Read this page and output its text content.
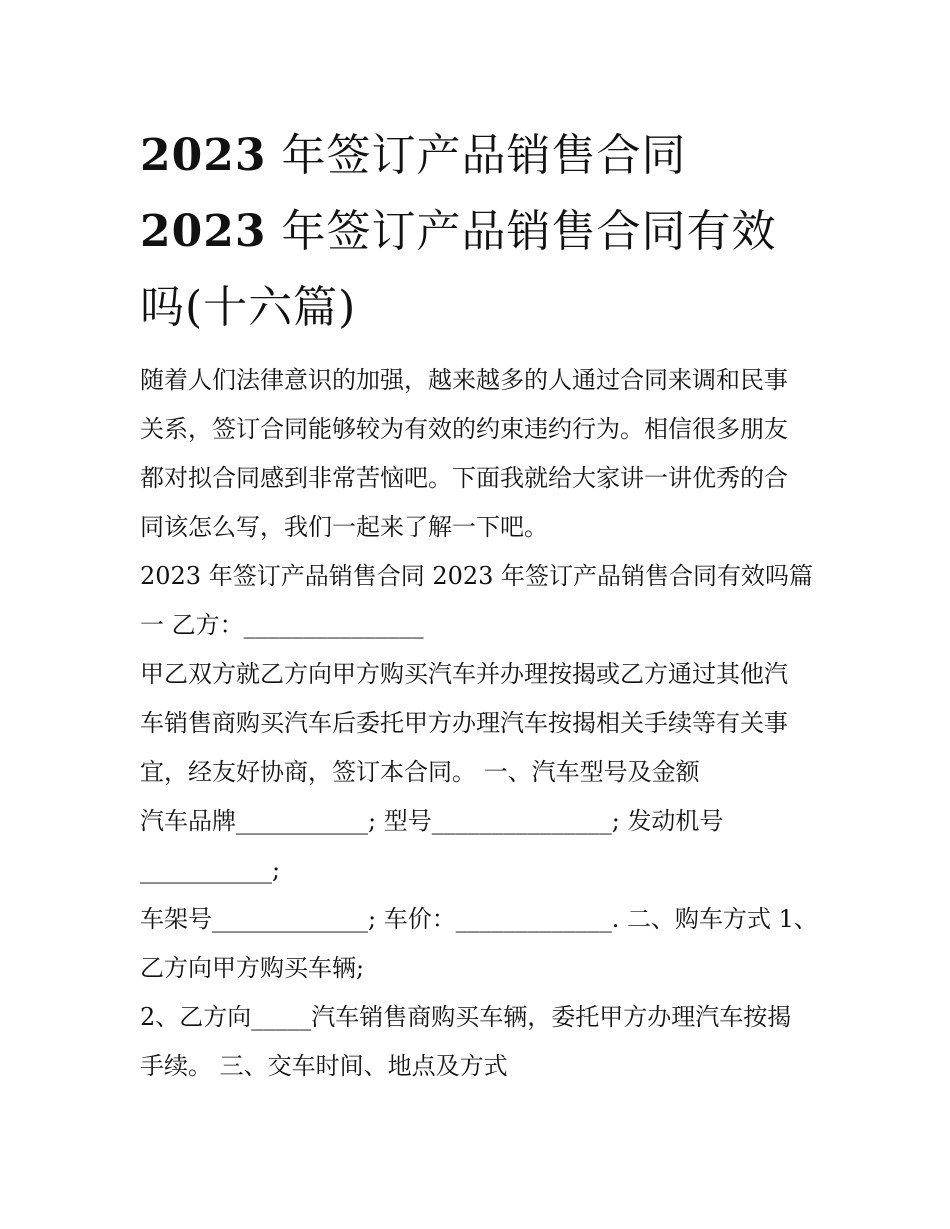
2023 年签订产品销售合同
2023 年签订产品销售合同有效
吗(十六篇)

随着人们法律意识的加强，越来越多的人通过合同来调和民事
关系，签订合同能够较为有效的约束违约行为。相信很多朋友
都对拟合同感到非常苦恼吧。下面我就给大家讲一讲优秀的合
同该怎么写，我们一起来了解一下吧。

2023 年签订产品销售合同 2023 年签订产品销售合同有效吗篇
一 乙方：_______________

甲乙双方就乙方向甲方购买汽车并办理按揭或乙方通过其他汽
车销售商购买汽车后委托甲方办理汽车按揭相关手续等有关事
宜，经友好协商，签订本合同。 一、汽车型号及金额

汽车品牌___________; 型号_______________; 发动机号
___________;

车架号_____________; 车价：_____________. 二、购车方式 1、
乙方向甲方购买车辆;

2、乙方向_____汽车销售商购买车辆，委托甲方办理汽车按揭
手续。 三、交车时间、地点及方式
